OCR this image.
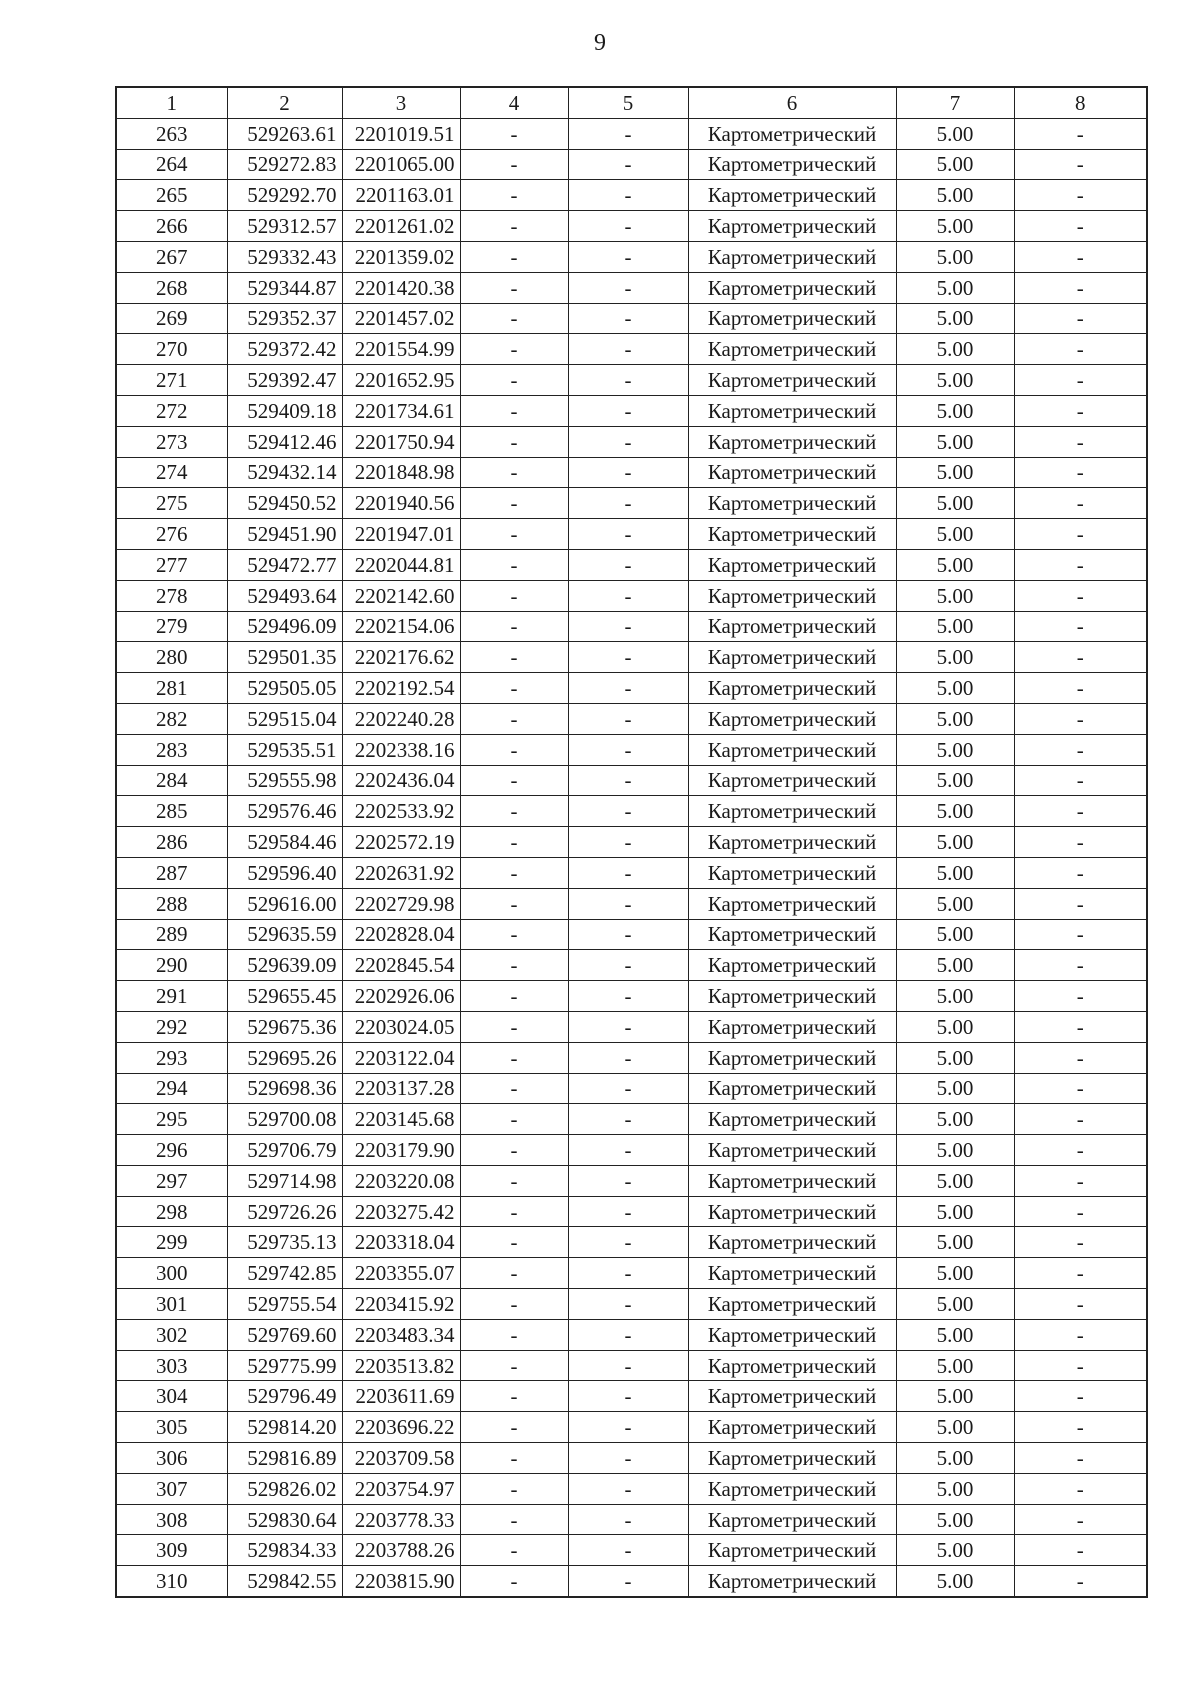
9
1	2	3	4	5	6	7	8
263	529263.61	2201019.51	-	-	Картометрический	5.00	-
264	529272.83	2201065.00	-	-	Картометрический	5.00	-
265	529292.70	2201163.01	-	-	Картометрический	5.00	-
266	529312.57	2201261.02	-	-	Картометрический	5.00	-
267	529332.43	2201359.02	-	-	Картометрический	5.00	-
268	529344.87	2201420.38	-	-	Картометрический	5.00	-
269	529352.37	2201457.02	-	-	Картометрический	5.00	-
270	529372.42	2201554.99	-	-	Картометрический	5.00	-
271	529392.47	2201652.95	-	-	Картометрический	5.00	-
272	529409.18	2201734.61	-	-	Картометрический	5.00	-
273	529412.46	2201750.94	-	-	Картометрический	5.00	-
274	529432.14	2201848.98	-	-	Картометрический	5.00	-
275	529450.52	2201940.56	-	-	Картометрический	5.00	-
276	529451.90	2201947.01	-	-	Картометрический	5.00	-
277	529472.77	2202044.81	-	-	Картометрический	5.00	-
278	529493.64	2202142.60	-	-	Картометрический	5.00	-
279	529496.09	2202154.06	-	-	Картометрический	5.00	-
280	529501.35	2202176.62	-	-	Картометрический	5.00	-
281	529505.05	2202192.54	-	-	Картометрический	5.00	-
282	529515.04	2202240.28	-	-	Картометрический	5.00	-
283	529535.51	2202338.16	-	-	Картометрический	5.00	-
284	529555.98	2202436.04	-	-	Картометрический	5.00	-
285	529576.46	2202533.92	-	-	Картометрический	5.00	-
286	529584.46	2202572.19	-	-	Картометрический	5.00	-
287	529596.40	2202631.92	-	-	Картометрический	5.00	-
288	529616.00	2202729.98	-	-	Картометрический	5.00	-
289	529635.59	2202828.04	-	-	Картометрический	5.00	-
290	529639.09	2202845.54	-	-	Картометрический	5.00	-
291	529655.45	2202926.06	-	-	Картометрический	5.00	-
292	529675.36	2203024.05	-	-	Картометрический	5.00	-
293	529695.26	2203122.04	-	-	Картометрический	5.00	-
294	529698.36	2203137.28	-	-	Картометрический	5.00	-
295	529700.08	2203145.68	-	-	Картометрический	5.00	-
296	529706.79	2203179.90	-	-	Картометрический	5.00	-
297	529714.98	2203220.08	-	-	Картометрический	5.00	-
298	529726.26	2203275.42	-	-	Картометрический	5.00	-
299	529735.13	2203318.04	-	-	Картометрический	5.00	-
300	529742.85	2203355.07	-	-	Картометрический	5.00	-
301	529755.54	2203415.92	-	-	Картометрический	5.00	-
302	529769.60	2203483.34	-	-	Картометрический	5.00	-
303	529775.99	2203513.82	-	-	Картометрический	5.00	-
304	529796.49	2203611.69	-	-	Картометрический	5.00	-
305	529814.20	2203696.22	-	-	Картометрический	5.00	-
306	529816.89	2203709.58	-	-	Картометрический	5.00	-
307	529826.02	2203754.97	-	-	Картометрический	5.00	-
308	529830.64	2203778.33	-	-	Картометрический	5.00	-
309	529834.33	2203788.26	-	-	Картометрический	5.00	-
310	529842.55	2203815.90	-	-	Картометрический	5.00	-
